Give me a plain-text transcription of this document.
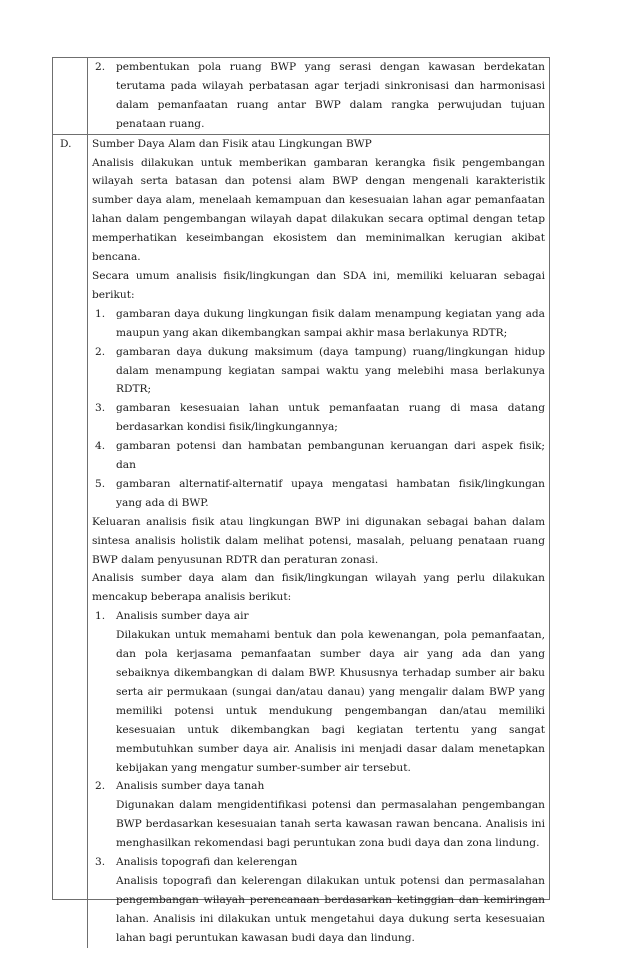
2.	pembentukan pola ruang BWP yang serasi dengan kawasan berdekatan terutama pada wilayah perbatasan agar terjadi sinkronisasi dan harmonisasi dalam pemanfaatan ruang antar BWP dalam rangka perwujudan tujuan penataan ruang.
D.	Sumber Daya Alam dan Fisik atau Lingkungan BWP

Analisis dilakukan untuk memberikan gambaran kerangka fisik pengembangan wilayah serta batasan dan potensi alam BWP dengan mengenali karakteristik sumber daya alam, menelaah kemampuan dan kesesuaian lahan agar pemanfaatan lahan dalam pengembangan wilayah dapat dilakukan secara optimal dengan tetap memperhatikan keseimbangan ekosistem dan meminimalkan kerugian akibat bencana.

Secara umum analisis fisik/lingkungan dan SDA ini, memiliki keluaran sebagai berikut:

1.	gambaran daya dukung lingkungan fisik dalam menampung kegiatan yang ada maupun yang akan dikembangkan sampai akhir masa berlakunya RDTR;
2.	gambaran daya dukung maksimum (daya tampung) ruang/lingkungan hidup dalam menampung kegiatan sampai waktu yang melebihi masa berlakunya RDTR;
3.	gambaran kesesuaian lahan untuk pemanfaatan ruang di masa datang berdasarkan kondisi fisik/lingkungannya;
4.	gambaran potensi dan hambatan pembangunan keruangan dari aspek fisik; dan
5.	gambaran alternatif-alternatif upaya mengatasi hambatan fisik/lingkungan yang ada di BWP.

Keluaran analisis fisik atau lingkungan BWP ini digunakan sebagai bahan dalam sintesa analisis holistik dalam melihat potensi, masalah, peluang penataan ruang BWP dalam penyusunan RDTR dan peraturan zonasi.

Analisis sumber daya alam dan fisik/lingkungan wilayah yang perlu dilakukan mencakup beberapa analisis berikut:

1.	Analisis sumber daya air

Dilakukan untuk memahami bentuk dan pola kewenangan, pola pemanfaatan, dan pola kerjasama pemanfaatan sumber daya air yang ada dan yang sebaiknya dikembangkan di dalam BWP. Khususnya terhadap sumber air baku serta air permukaan (sungai dan/atau danau) yang mengalir dalam BWP yang memiliki potensi untuk mendukung pengembangan dan/atau memiliki kesesuaian untuk dikembangkan bagi kegiatan tertentu yang sangat membutuhkan sumber daya air. Analisis ini menjadi dasar dalam menetapkan kebijakan yang mengatur sumber-sumber air tersebut.

2.	Analisis sumber daya tanah

Digunakan dalam mengidentifikasi potensi dan permasalahan pengembangan BWP berdasarkan kesesuaian tanah serta kawasan rawan bencana. Analisis ini menghasilkan rekomendasi bagi peruntukan zona budi daya dan zona lindung.

3.	Analisis topografi dan kelerengan

Analisis topografi dan kelerengan dilakukan untuk potensi dan permasalahan pengembangan wilayah perencanaan berdasarkan ketinggian dan kemiringan lahan. Analisis ini dilakukan untuk mengetahui daya dukung serta kesesuaian lahan bagi peruntukan kawasan budi daya dan lindung.
